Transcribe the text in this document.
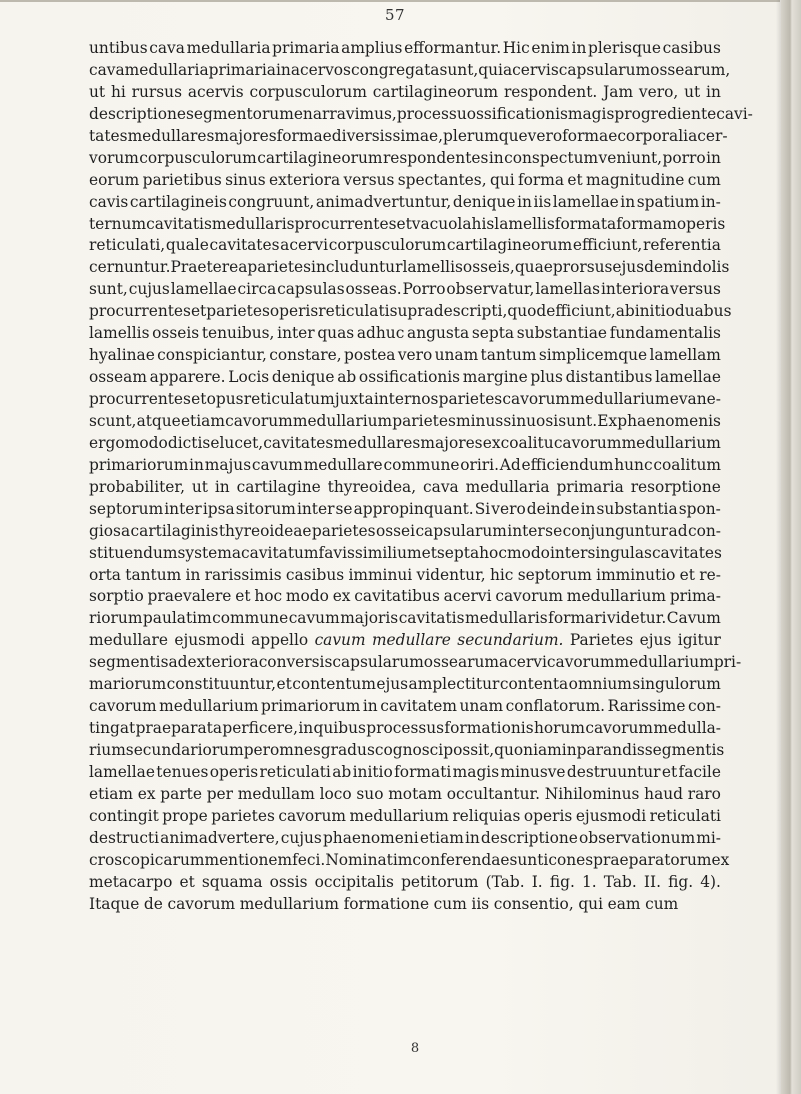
57
untibus cava medullaria primaria amplius efformantur. Hic enim in plerisque casibus
cava medullaria primaria in acervos congregata sunt, qui acervis capsularum ossearum,
ut hi rursus acervis corpusculorum cartilagineorum respondent. Jam vero, ut in
descriptione segmentorum enarravimus, processu ossificationis magis progrediente cavi-
tates medullares majores formae diversissimae, plerumque vero formae corporali acer-
vorum corpusculorum cartilagineorum respondentes in conspectum veniunt, porro in
eorum parietibus sinus exteriora versus spectantes, qui forma et magnitudine cum
cavis cartilagineis congruunt, animadvertuntur, denique in iis lamellae in spatium in-
ternum cavitatis medullaris procurrentes et vacuola his lamellis formata formam operis
reticulati, quale cavitates acervi corpusculorum cartilagineorum efficiunt, referentia
cernuntur. Praeterea parietes includuntur lamellis osseis, quae prorsus ejusdem indolis
sunt, cujus lamellae circa capsulas osseas. Porro observatur, lamellas interiora versus
procurrentes et parietes operis reticulati supra descripti, quod efficiunt, ab initio duabus
lamellis osseis tenuibus, inter quas adhuc angusta septa substantiae fundamentalis
hyalinae conspiciantur, constare, postea vero unam tantum simplicemque lamellam
osseam apparere. Locis denique ab ossificationis margine plus distantibus lamellae
procurrentes et opus reticulatum juxta internos parietes cavorum medullarium evane-
scunt, atque etiam cavorum medullarium parietes minus sinuosi sunt. Ex phaenomenis
ergo modo dictis elucet, cavitates medullares majores ex coalitu cavorum medullarium
primariorum in majus cavum medullare commune oriri. Ad efficiendum hunc coalitum
probabiliter, ut in cartilagine thyreoidea, cava medullaria primaria resorptione
septorum inter ipsa sitorum inter se appropinquant. Si vero deinde in substantia spon-
giosa cartilaginis thyreoideae parietes ossei capsularum inter se conjunguntur ad con-
stituendum systema cavitatum favis similium et septa hoc modo inter singulas cavitates
orta tantum in rarissimis casibus imminui videntur, hic septorum imminutio et re-
sorptio praevalere et hoc modo ex cavitatibus acervi cavorum medullarium prima-
riorum paulatim commune cavum majoris cavitatis medullaris formari videtur. Cavum
medullare ejusmodi appello cavum medullare secundarium. Parietes ejus igitur
segmentis ad exteriora conversis capsularum ossearum acervi cavorum medullarium pri-
mariorum constituuntur, et contentum ejus amplectitur contenta omnium singulorum
cavorum medullarium primariorum in cavitatem unam conflatorum. Rarissime con-
tingat praeparata perficere, in quibus processus formationis horum cavorum medulla-
rium secundariorum per omnes gradus cognosci possit, quoniam in parandis segmentis
lamellae tenues operis reticulati ab initio formati magis minusve destruuntur et facile
etiam ex parte per medullam loco suo motam occultantur. Nihilominus haud raro
contingit prope parietes cavorum medullarium reliquias operis ejusmodi reticulati
destructi animadvertere, cujus phaenomeni etiam in descriptione observationum mi-
croscopicarum mentionem feci. Nominatim conferendae sunt icones praeparatorum ex
metacarpo et squama ossis occipitalis petitorum (Tab. I. fig. 1. Tab. II. fig. 4).
Itaque de cavorum medullarium formatione cum iis consentio, qui eam cum
8
